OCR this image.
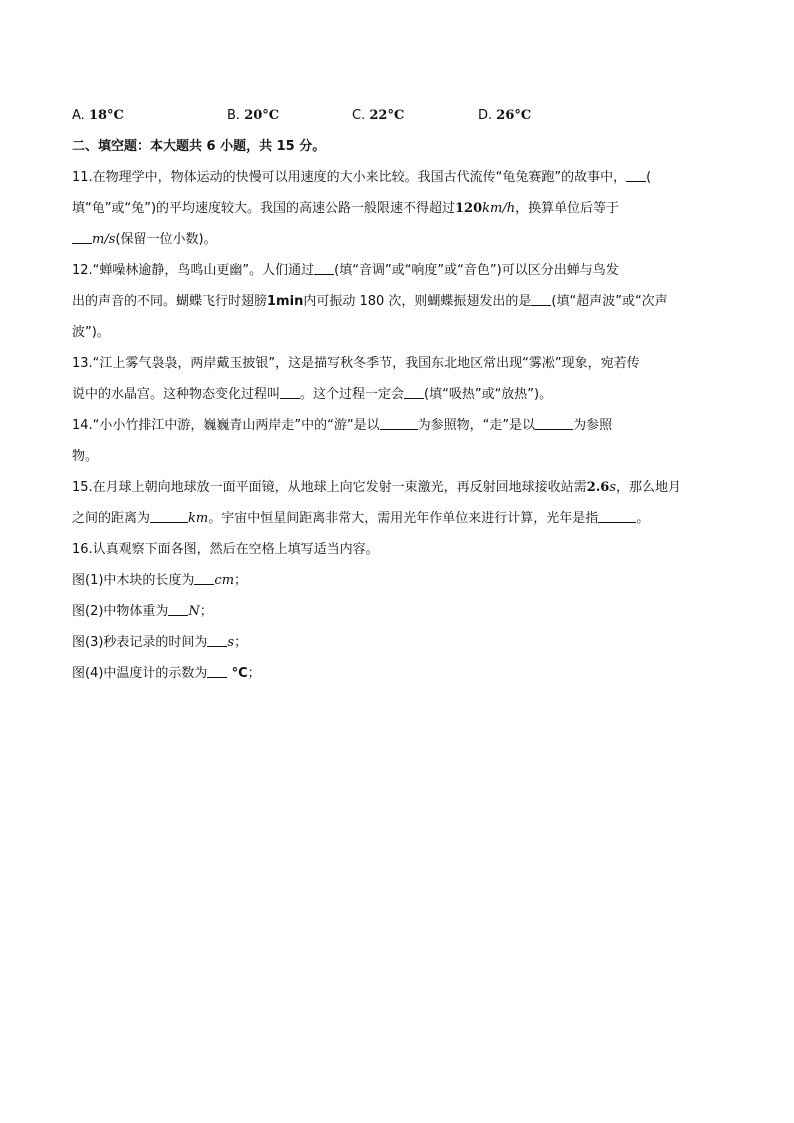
A. 18°C	B. 20°C	C. 22°C	D. 26°C
二、填空题：本大题共 6 小题，共 15 分。
11.在物理学中，物体运动的快慢可以用速度的大小来比较。我国古代流传“龟兔赛跑”的故事中， (
填“龟”或“兔”)的平均速度较大。我国的高速公路一般限速不得超过120km/h，换算单位后等于
m/s(保留一位小数)。
12.“蝉噪林逾静，鸟鸣山更幽”。人们通过 (填“音调”或“响度”或“音色”)可以区分出蝉与鸟发
出的声音的不同。蝴蝶飞行时翅膀1min内可振动 180 次，则蝴蝶振翅发出的是 (填“超声波”或“次声
波”)。
13.“江上雾气袅袅，两岸戴玉披银”，这是描写秋冬季节，我国东北地区常出现“雾凇”现象，宛若传
说中的水晶宫。这种物态变化过程叫 。这个过程一定会 (填“吸热”或“放热”)。
14.“小小竹排江中游，巍巍青山两岸走”中的“游”是以	为参照物，“走”是以	为参照
物。
15.在月球上朝向地球放一面平面镜，从地球上向它发射一束激光，再反射回地球接收站需2.6s，那么地月
之间的距离为	km。宇宙中恒星间距离非常大，需用光年作单位来进行计算，光年是指	。
16.认真观察下面各图，然后在空格上填写适当内容。
图(1)中木块的长度为 cm；
图(2)中物体重为 N；
图(3)秒表记录的时间为 s；
图(4)中温度计的示数为 °C；
